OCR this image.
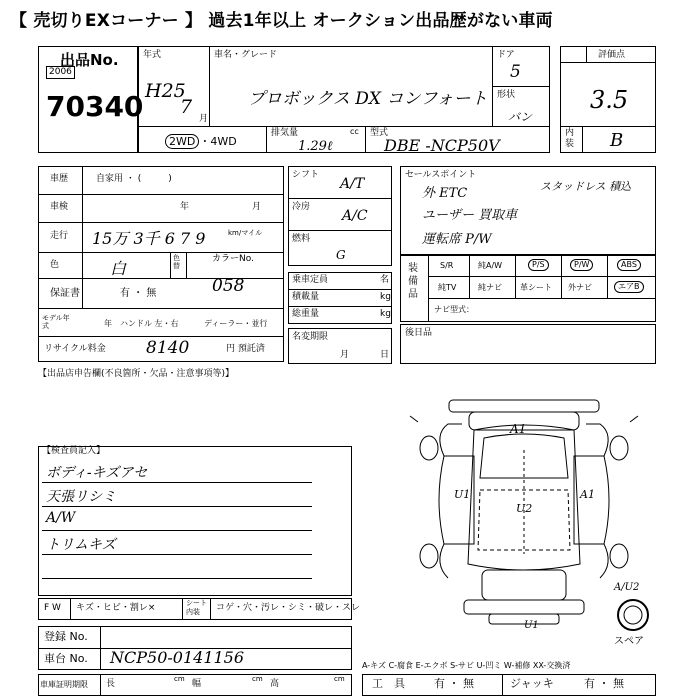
【 売切りEXコーナー 】 過去1年以上 オークション出品歴がない車両
出品No.
2006
70340
年式
H25
7
月
車名・グレード
プロボックス DX コンフォート
ドア
5
形状
バン
評価点
3.5
内装 B
2WD ・4WD
排気量	cc
1.29ℓ
型式
DBE -NCP50V
車歴	自家用 ・ (　　　)
車検	年	月
走行 15万 3千 6 7 9	km/マイル
色	白
色替
カラーNo.
058
保証書	有 ・ 無
モデル年式	年 ハンドル 左・右	ディーラー・並行
リサイクル料金 8140	円 預託済
シフト
A/T
冷房
A/C
燃料
G
乗車定員	名
積載量	kg
総重量	kg
名変期限
月	日
セールスポイント
外 ETC	スタッドレス 積込
ユーザー 買取車
運転席 P/W
装備品
S/R	純A/W	P/S	P/W	ABS
純TV	純ナビ 革シート 外ナビ	エアB
ナビ型式：
後日品
【出品店申告欄(不良箇所・欠品・注意事項等)】
【検査員記入】
ボディ-キズアセ
天張リシミ
A/W
トリムキズ
F W キズ・ヒビ・割レ×	シート内装	コゲ・穴・汚レ・シミ・破レ・スレ
登録 No.
車台 No. NCP50-0141156
車庫証明期限 長	cm 幅	cm 高	cm
A-キズ C-腐食 E-エクボ S-サビ U-凹ミ W-補修 XX-交換済
工　具	有 ・ 無	ジャッキ	有 ・ 無
スペア
A1
U1
U2
A1
A/U2
U1
